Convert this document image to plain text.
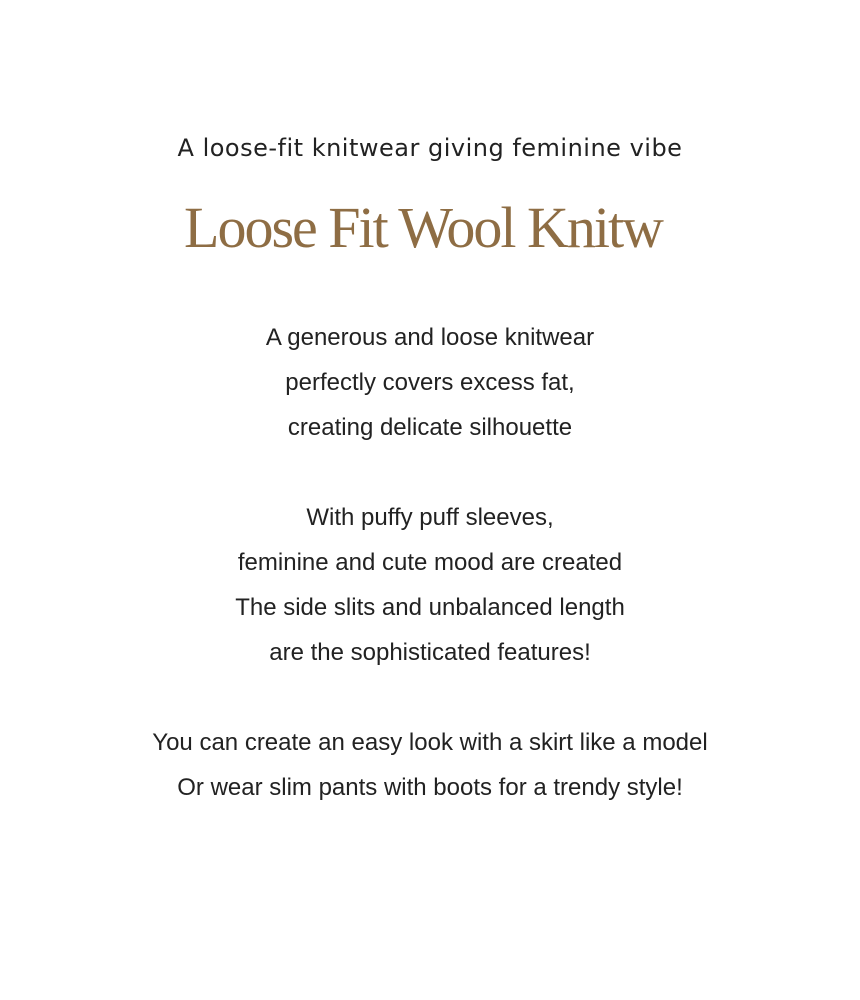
A loose-fit knitwear giving feminine vibe

Loose Fit Wool Knitw

A generous and loose knitwear
perfectly covers excess fat,
creating delicate silhouette

With puffy puff sleeves,
feminine and cute mood are created
The side slits and unbalanced length
are the sophisticated features!

You can create an easy look with a skirt like a model
Or wear slim pants with boots for a trendy style!
